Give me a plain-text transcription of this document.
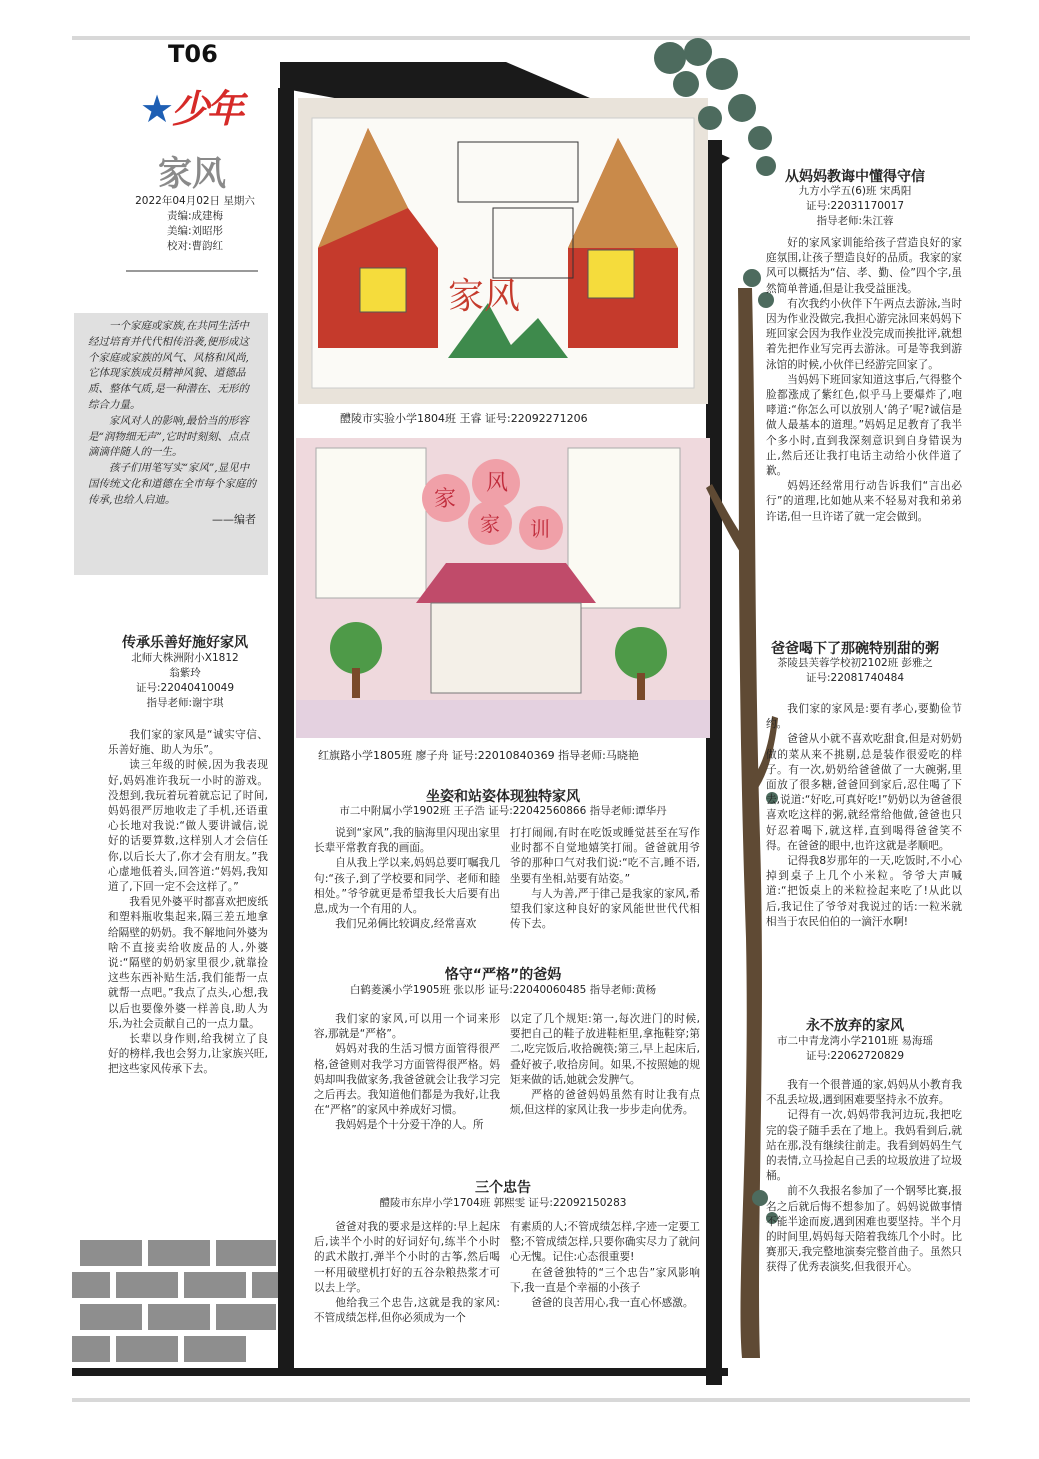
T06
★少年
家风
2022年04月02日 星期六
责编:成建梅
美编:刘昭彤
校对:曹韵红

一个家庭或家族,在共同生活中经过培育并代代相传沿袭,便形成这个家庭或家族的风气、风格和风尚,它体现家族成员精神风貌、道德品质、整体气质,是一种潜在、无形的综合力量。

家风对人的影响,最恰当的形容是“润物细无声”,它时时刻刻、点点滴滴伴随人的一生。

孩子们用笔写实“家风”,显见中国传统文化和道德在全市每个家庭的传承,也给人启迪。

——编者
家风
醴陵市实验小学1804班 王睿 证号:22092271206
家
风
家 训
红旗路小学1805班 廖子舟 证号:22010840369 指导老师:马晓艳
传承乐善好施好家风
北师大株洲附小X1812
翁紫玲
证号:22040410049
指导老师:谢宇琪

我们家的家风是“诚实守信、乐善好施、助人为乐”。

读三年级的时候,因为我表现好,妈妈准许我玩一小时的游戏。没想到,我玩着玩着就忘记了时间,妈妈很严厉地收走了手机,还语重心长地对我说:“做人要讲诚信,说好的话要算数,这样别人才会信任你,以后长大了,你才会有朋友。”我心虚地低着头,回答道:“妈妈,我知道了,下回一定不会这样了。”

我看见外婆平时都喜欢把废纸和塑料瓶收集起来,隔三差五地拿给隔壁的奶奶。我不解地问外婆为啥不直接卖给收废品的人,外婆说:“隔壁的奶奶家里很少,就靠捡这些东西补贴生活,我们能帮一点就帮一点吧。”我点了点头,心想,我以后也要像外婆一样善良,助人为乐,为社会贡献自己的一点力量。

长辈以身作则,给我树立了良好的榜样,我也会努力,让家族兴旺,把这些家风传承下去。

坐姿和站姿体现独特家风
市二中附属小学1902班 王子浩 证号:22042560866 指导老师:谭华丹

说到“家风”,我的脑海里闪现出家里长辈平常教育我的画面。

自从我上学以来,妈妈总要叮嘱我几句:“孩子,到了学校要和同学、老师和睦相处。”爷爷就更是希望我长大后要有出息,成为一个有用的人。

我们兄弟俩比较调皮,经常喜欢

打打闹闹,有时在吃饭或睡觉甚至在写作业时都不自觉地嬉笑打闹。爸爸就用爷爷的那种口气对我们说:“吃不言,睡不语,坐要有坐相,站要有站姿。”

与人为善,严于律己是我家的家风,希望我们家这种良好的家风能世世代代相传下去。

恪守“严格”的爸妈
白鹤菱溪小学1905班 张以彤 证号:22040060485 指导老师:黄杨

我们家的家风,可以用一个词来形容,那就是“严格”。

妈妈对我的生活习惯方面管得很严格,爸爸则对我学习方面管得很严格。妈妈却叫我做家务,我爸爸就会让我学习完之后再去。我知道他们都是为我好,让我在“严格”的家风中养成好习惯。

我妈妈是个十分爱干净的人。所

以定了几个规矩:第一,每次进门的时候,要把自己的鞋子放进鞋柜里,拿拖鞋穿;第二,吃完饭后,收拾碗筷;第三,早上起床后,叠好被子,收拾房间。如果,不按照她的规矩来做的话,她就会发脾气。

严格的爸爸妈妈虽然有时让我有点烦,但这样的家风让我一步步走向优秀。

三个忠告
醴陵市东岸小学1704班 郭熙雯 证号:22092150283

爸爸对我的要求是这样的:早上起床后,读半个小时的好词好句,练半个小时的武术散打,弹半个小时的古筝,然后喝一杯用破壁机打好的五谷杂粮热浆才可以去上学。

他给我三个忠告,这就是我的家风:不管成绩怎样,但你必须成为一个

有素质的人;不管成绩怎样,字迹一定要工整;不管成绩怎样,只要你确实尽力了就问心无愧。记住:心态很重要!

在爸爸独特的“三个忠告”家风影响下,我一直是个幸福的小孩子

爸爸的良苦用心,我一直心怀感激。

从妈妈教诲中懂得守信
九方小学五(6)班 宋禹阳
证号:22031170017
指导老师:朱江蓉

好的家风家训能给孩子营造良好的家庭氛围,让孩子塑造良好的品质。我家的家风可以概括为“信、孝、勤、俭”四个字,虽然简单普通,但是让我受益匪浅。

有次我约小伙伴下午两点去游泳,当时因为作业没做完,我担心游完泳回来妈妈下班回家会因为我作业没完成而挨批评,就想着先把作业写完再去游泳。可是等我到游泳馆的时候,小伙伴已经游完回家了。

当妈妈下班回家知道这事后,气得整个脸都涨成了紫红色,似乎马上要爆炸了,咆哮道:“你怎么可以放别人‘鸽子’呢?诚信是做人最基本的道理。”妈妈足足教育了我半个多小时,直到我深刻意识到自身错误为止,然后还让我打电话主动给小伙伴道了歉。

妈妈还经常用行动告诉我们“言出必行”的道理,比如她从来不轻易对我和弟弟许诺,但一旦许诺了就一定会做到。

爸爸喝下了那碗特别甜的粥
茶陵县芙蓉学校初2102班 彭雅之
证号:22081740484

我们家的家风是:要有孝心,要勤俭节约。

爸爸从小就不喜欢吃甜食,但是对奶奶做的菜从来不挑剔,总是装作很爱吃的样子。有一次,奶奶给爸爸做了一大碗粥,里面放了很多糖,爸爸回到家后,忍住喝了下去,说道:“好吃,可真好吃!”奶奶以为爸爸很喜欢吃这样的粥,就经常给他做,爸爸也只好忍着喝下,就这样,直到喝得爸爸笑不得。在爸爸的眼中,也许这就是孝顺吧。

记得我8岁那年的一天,吃饭时,不小心掉到桌子上几个小米粒。爷爷大声喊道:“把饭桌上的米粒捡起来吃了!从此以后,我记住了爷爷对我说过的话:一粒米就相当于农民伯伯的一滴汗水啊!

永不放弃的家风
市二中青龙湾小学2101班 易海瑶
证号:22062720829

我有一个很普通的家,妈妈从小教育我不乱丢垃圾,遇到困难要坚持永不放弃。

记得有一次,妈妈带我河边玩,我把吃完的袋子随手丢在了地上。我妈看到后,就站在那,没有继续往前走。我看到妈妈生气的表情,立马捡起自己丢的垃圾放进了垃圾桶。

前不久我报名参加了一个钢琴比赛,报名之后就后悔不想参加了。妈妈说做事情不能半途而废,遇到困难也要坚持。半个月的时间里,妈妈每天陪着我练几个小时。比赛那天,我完整地演奏完整首曲子。虽然只获得了优秀表演奖,但我很开心。
